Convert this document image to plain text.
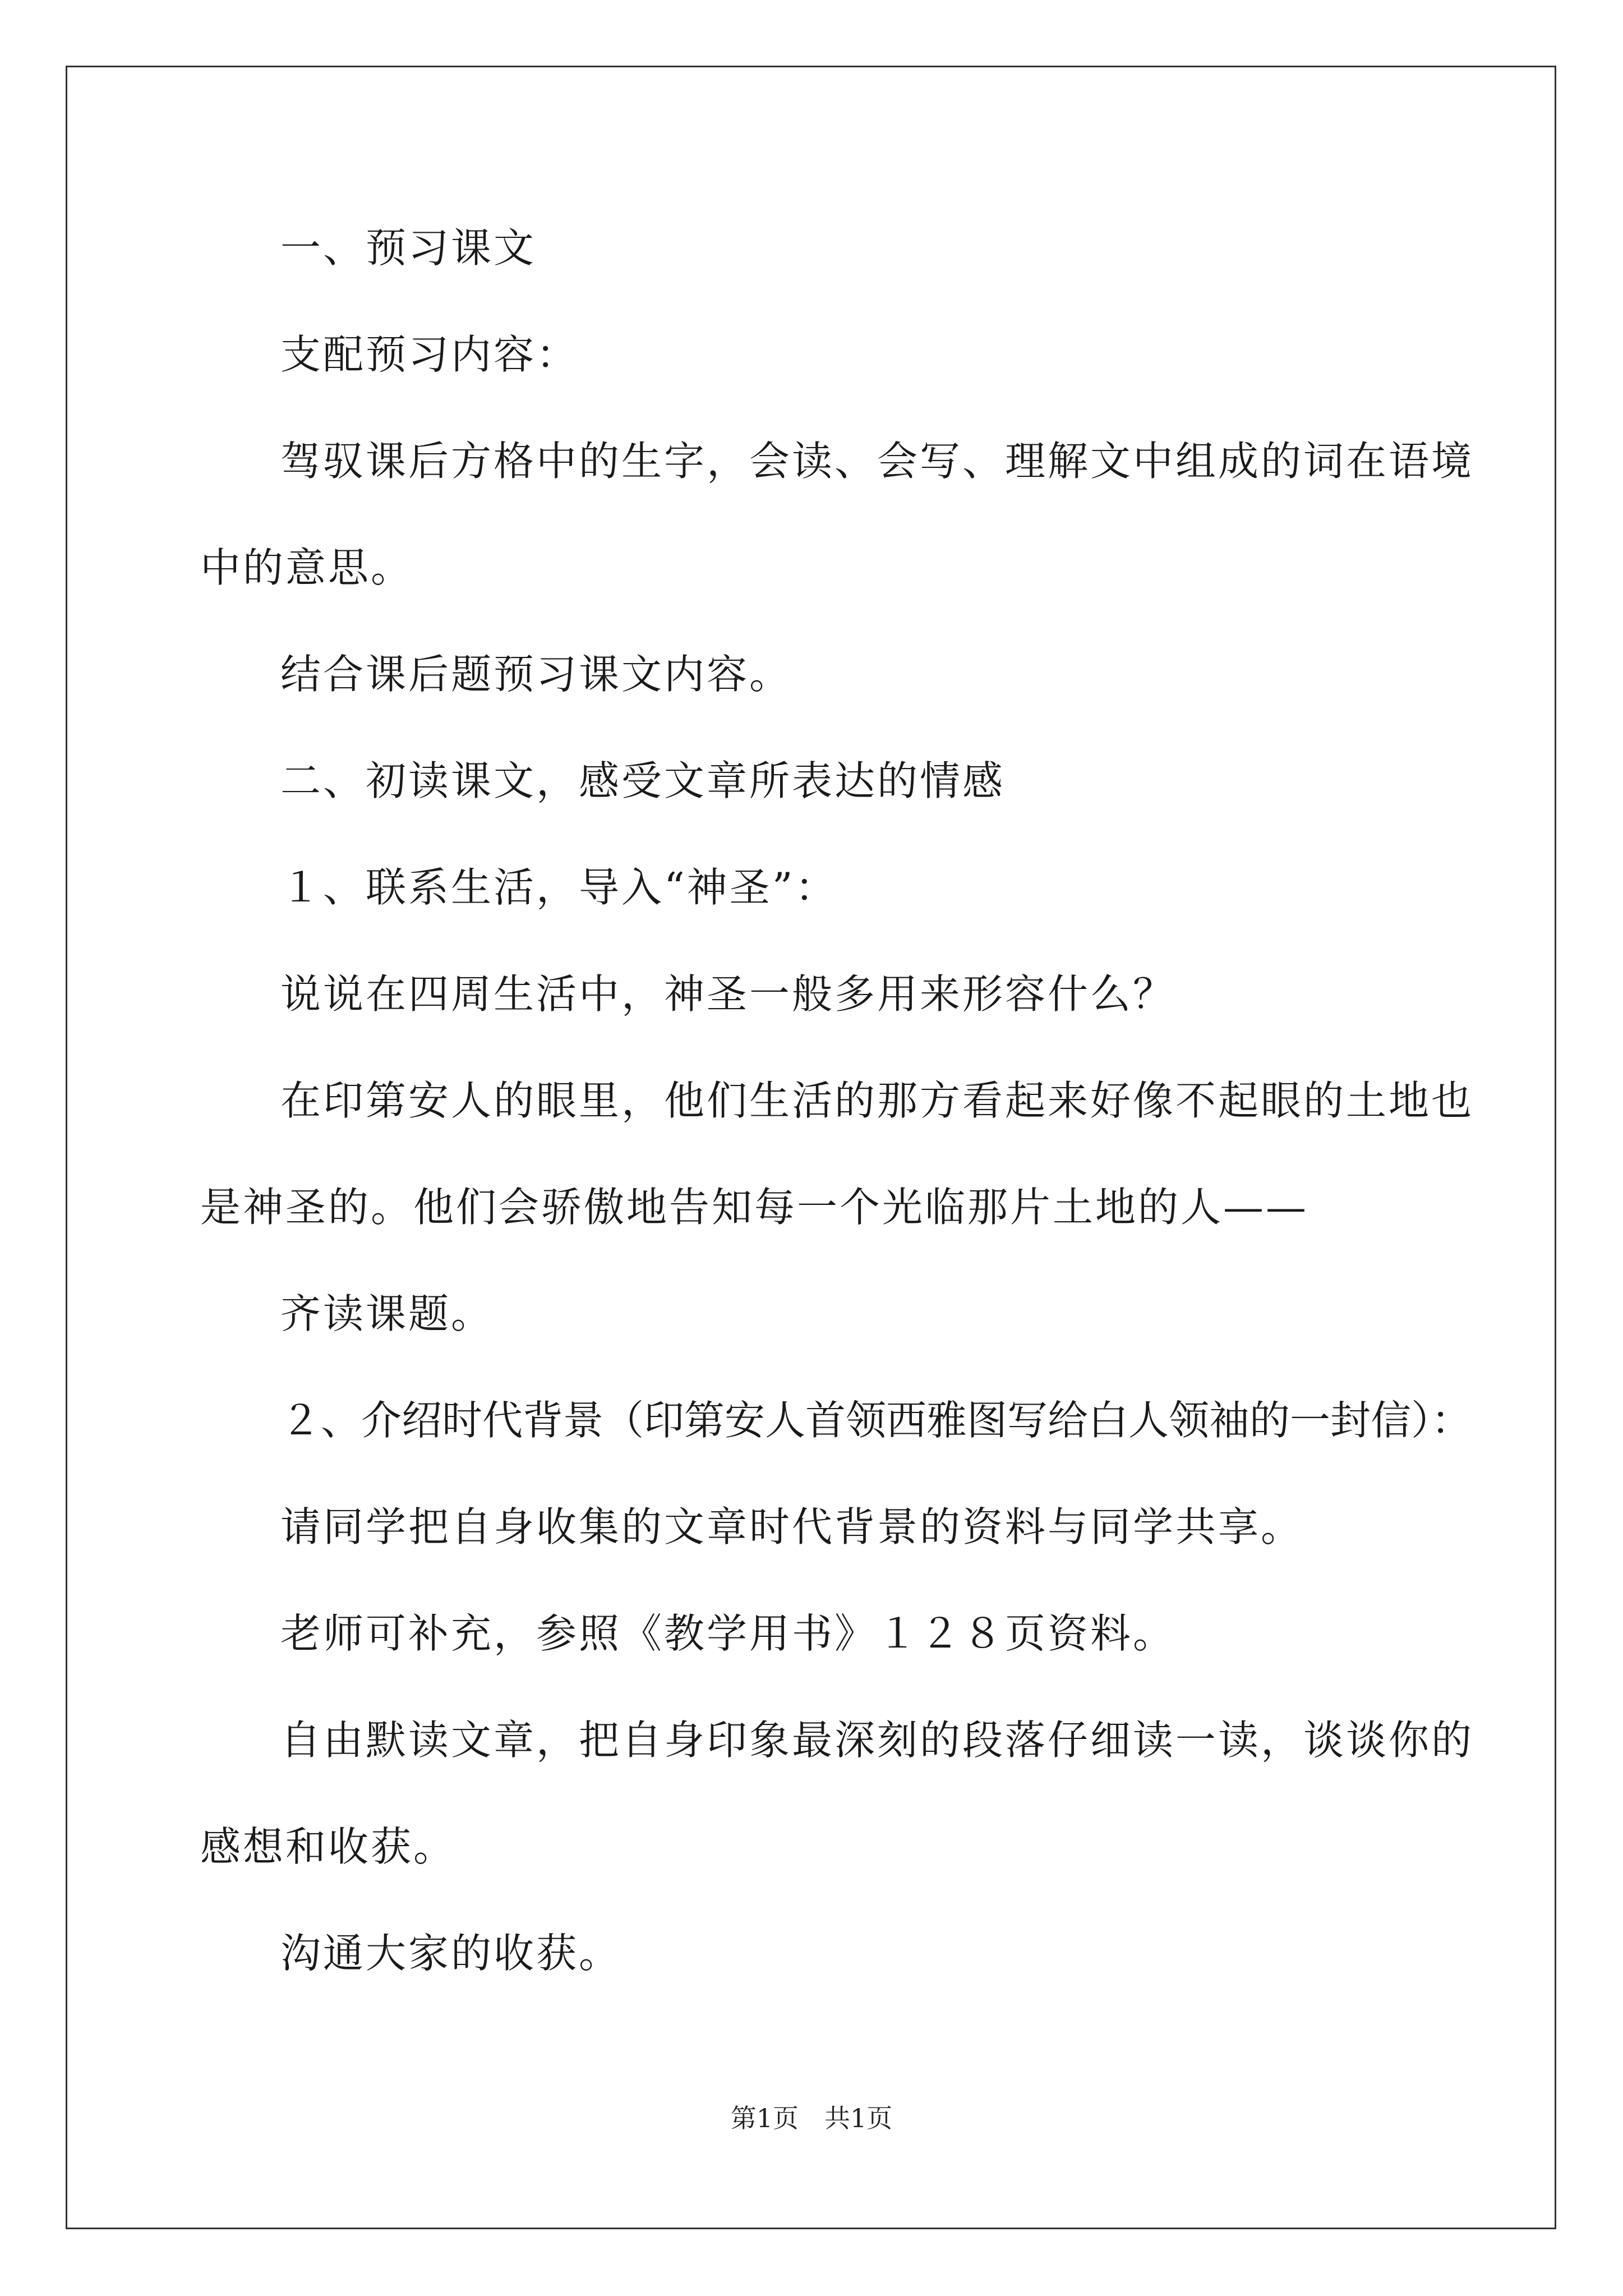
一、预习课文
支配预习内容：
驾驭课后方格中的生字，会读、会写、理解文中组成的词在语境
中的意思。
结合课后题预习课文内容。
二、初读课文，感受文章所表达的情感
１、联系生活，导入“神圣”：
说说在四周生活中，神圣一般多用来形容什么？
在印第安人的眼里，他们生活的那方看起来好像不起眼的土地也
是神圣的。他们会骄傲地告知每一个光临那片土地的人——
齐读课题。
２、介绍时代背景（印第安人首领西雅图写给白人领袖的一封信）：
请同学把自身收集的文章时代背景的资料与同学共享。
老师可补充，参照《教学用书》１２８页资料。
自由默读文章，把自身印象最深刻的段落仔细读一读，谈谈你的
感想和收获。
沟通大家的收获。
第1页　共1页
